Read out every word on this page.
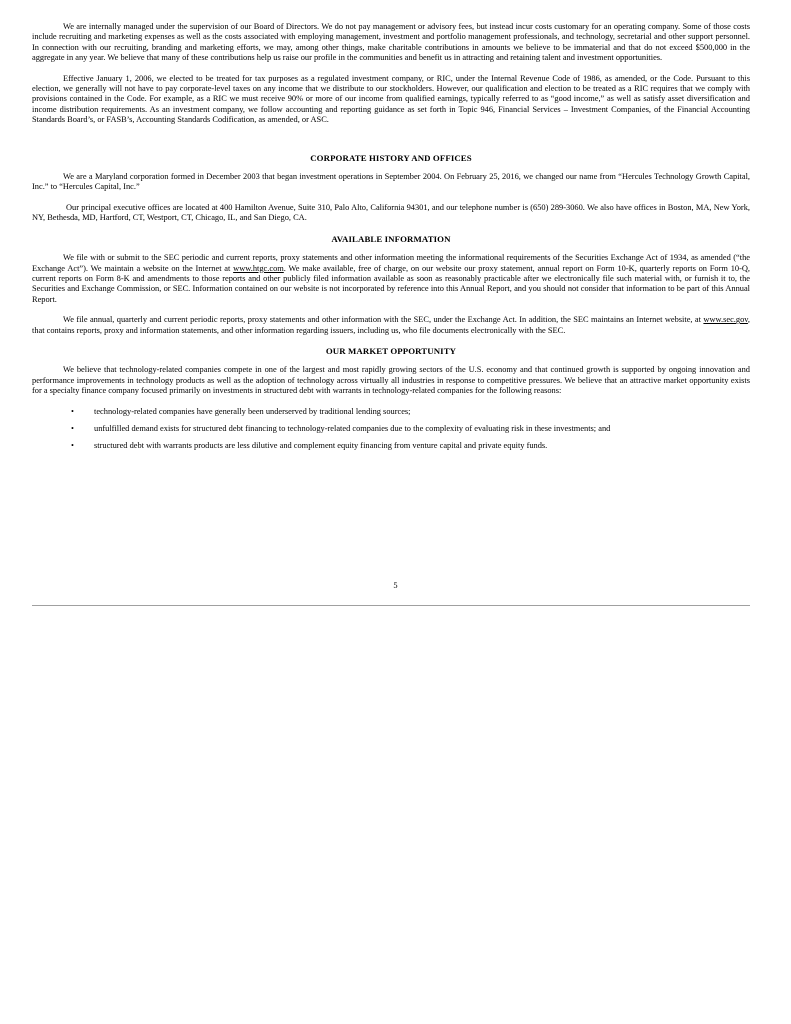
We are internally managed under the supervision of our Board of Directors. We do not pay management or advisory fees, but instead incur costs customary for an operating company. Some of those costs include recruiting and marketing expenses as well as the costs associated with employing management, investment and portfolio management professionals, and technology, secretarial and other support personnel. In connection with our recruiting, branding and marketing efforts, we may, among other things, make charitable contributions in amounts we believe to be immaterial and that do not exceed $500,000 in the aggregate in any year. We believe that many of these contributions help us raise our profile in the communities and benefit us in attracting and retaining talent and investment opportunities.

Effective January 1, 2006, we elected to be treated for tax purposes as a regulated investment company, or RIC, under the Internal Revenue Code of 1986, as amended, or the Code. Pursuant to this election, we generally will not have to pay corporate-level taxes on any income that we distribute to our stockholders. However, our qualification and election to be treated as a RIC requires that we comply with provisions contained in the Code. For example, as a RIC we must receive 90% or more of our income from qualified earnings, typically referred to as “good income,” as well as satisfy asset diversification and income distribution requirements. As an investment company, we follow accounting and reporting guidance as set forth in Topic 946, Financial Services – Investment Companies, of the Financial Accounting Standards Board’s, or FASB’s, Accounting Standards Codification, as amended, or ASC.

CORPORATE HISTORY AND OFFICES

We are a Maryland corporation formed in December 2003 that began investment operations in September 2004. On February 25, 2016, we changed our name from “Hercules Technology Growth Capital, Inc.” to “Hercules Capital, Inc.”

Our principal executive offices are located at 400 Hamilton Avenue, Suite 310, Palo Alto, California 94301, and our telephone number is (650) 289-3060. We also have offices in Boston, MA, New York, NY, Bethesda, MD, Hartford, CT, Westport, CT, Chicago, IL, and San Diego, CA.

AVAILABLE INFORMATION

We file with or submit to the SEC periodic and current reports, proxy statements and other information meeting the informational requirements of the Securities Exchange Act of 1934, as amended (“the Exchange Act”). We maintain a website on the Internet at www.htgc.com. We make available, free of charge, on our website our proxy statement, annual report on Form 10-K, quarterly reports on Form 10-Q, current reports on Form 8-K and amendments to those reports and other publicly filed information available as soon as reasonably practicable after we electronically file such material with, or furnish it to, the Securities and Exchange Commission, or SEC. Information contained on our website is not incorporated by reference into this Annual Report, and you should not consider that information to be part of this Annual Report.

We file annual, quarterly and current periodic reports, proxy statements and other information with the SEC, under the Exchange Act. In addition, the SEC maintains an Internet website, at www.sec.gov, that contains reports, proxy and information statements, and other information regarding issuers, including us, who file documents electronically with the SEC.

OUR MARKET OPPORTUNITY

We believe that technology-related companies compete in one of the largest and most rapidly growing sectors of the U.S. economy and that continued growth is supported by ongoing innovation and performance improvements in technology products as well as the adoption of technology across virtually all industries in response to competitive pressures. We believe that an attractive market opportunity exists for a specialty finance company focused primarily on investments in structured debt with warrants in technology-related companies for the following reasons:

• technology-related companies have generally been underserved by traditional lending sources;
• unfulfilled demand exists for structured debt financing to technology-related companies due to the complexity of evaluating risk in these investments; and
• structured debt with warrants products are less dilutive and complement equity financing from venture capital and private equity funds.
5
